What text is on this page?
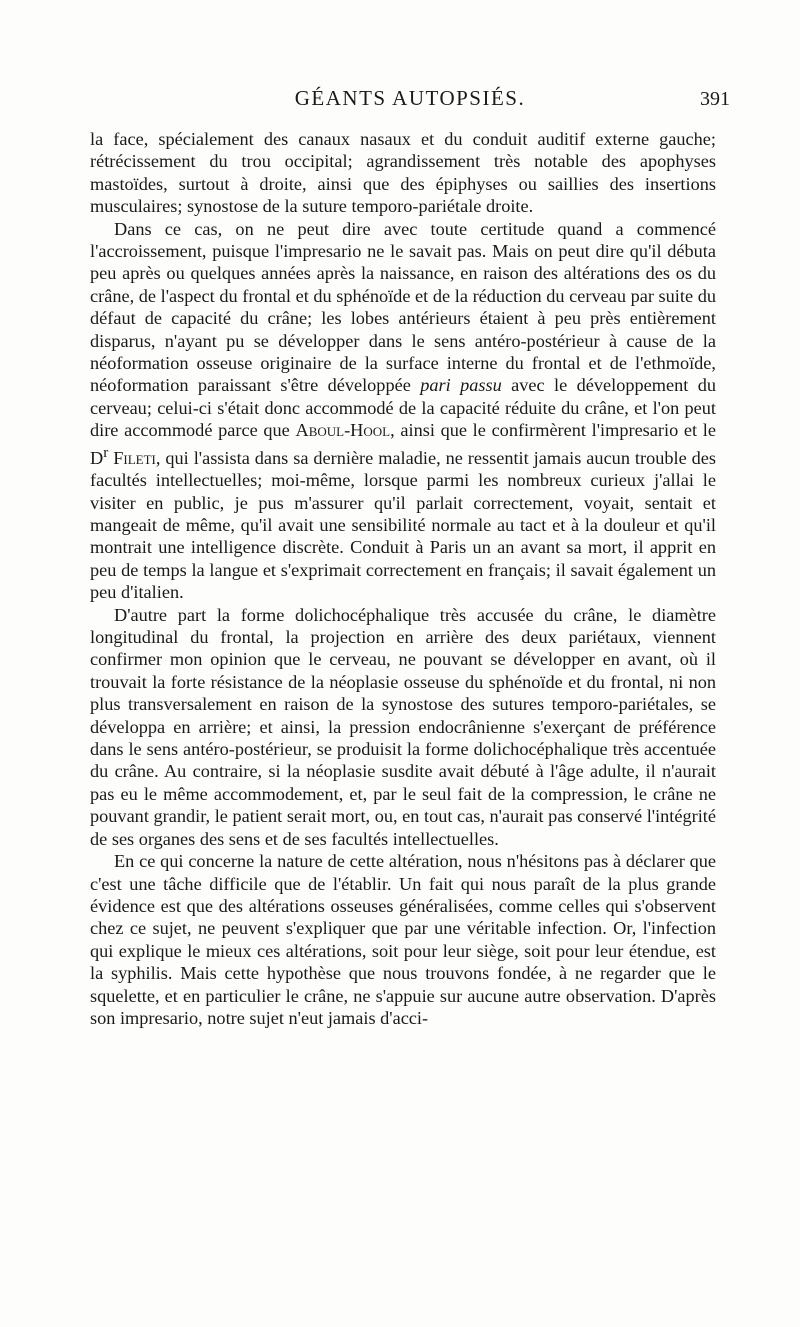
GÉANTS AUTOPSIÉS.	391

la face, spécialement des canaux nasaux et du conduit auditif externe gauche; rétrécissement du trou occipital; agrandissement très notable des apophyses mastoïdes, surtout à droite, ainsi que des épiphyses ou saillies des insertions musculaires; synostose de la suture temporo-pariétale droite.

Dans ce cas, on ne peut dire avec toute certitude quand a commencé l'accroissement, puisque l'impresario ne le savait pas. Mais on peut dire qu'il débuta peu après ou quelques années après la naissance, en raison des altérations des os du crâne, de l'aspect du frontal et du sphénoïde et de la réduction du cerveau par suite du défaut de capacité du crâne; les lobes antérieurs étaient à peu près entièrement disparus, n'ayant pu se développer dans le sens antéro-postérieur à cause de la néoformation osseuse originaire de la surface interne du frontal et de l'ethmoïde, néoformation paraissant s'être développée pari passu avec le développement du cerveau; celui-ci s'était donc accommodé de la capacité réduite du crâne, et l'on peut dire accommodé parce que Aboul-Hool, ainsi que le confirmèrent l'impresario et le $D^r$ Fileti, qui l'assista dans sa dernière maladie, ne ressentit jamais aucun trouble des facultés intellectuelles; moi-même, lorsque parmi les nombreux curieux j'allai le visiter en public, je pus m'assurer qu'il parlait correctement, voyait, sentait et mangeait de même, qu'il avait une sensibilité normale au tact et à la douleur et qu'il montrait une intelligence discrète. Conduit à Paris un an avant sa mort, il apprit en peu de temps la langue et s'exprimait correctement en français; il savait également un peu d'italien.

D'autre part la forme dolichocéphalique très accusée du crâne, le diamètre longitudinal du frontal, la projection en arrière des deux pariétaux, viennent confirmer mon opinion que le cerveau, ne pouvant se développer en avant, où il trouvait la forte résistance de la néoplasie osseuse du sphénoïde et du frontal, ni non plus transversalement en raison de la synostose des sutures temporo-pariétales, se développa en arrière; et ainsi, la pression endocrânienne s'exerçant de préférence dans le sens antéro-postérieur, se produisit la forme dolichocéphalique très accentuée du crâne. Au contraire, si la néoplasie susdite avait débuté à l'âge adulte, il n'aurait pas eu le même accommodement, et, par le seul fait de la compression, le crâne ne pouvant grandir, le patient serait mort, ou, en tout cas, n'aurait pas conservé l'intégrité de ses organes des sens et de ses facultés intellectuelles.

En ce qui concerne la nature de cette altération, nous n'hésitons pas à déclarer que c'est une tâche difficile que de l'établir. Un fait qui nous paraît de la plus grande évidence est que des altérations osseuses généralisées, comme celles qui s'observent chez ce sujet, ne peuvent s'expliquer que par une véritable infection. Or, l'infection qui explique le mieux ces altérations, soit pour leur siège, soit pour leur étendue, est la syphilis. Mais cette hypothèse que nous trouvons fondée, à ne regarder que le squelette, et en particulier le crâne, ne s'appuie sur aucune autre observation. D'après son impresario, notre sujet n'eut jamais d'acci-
